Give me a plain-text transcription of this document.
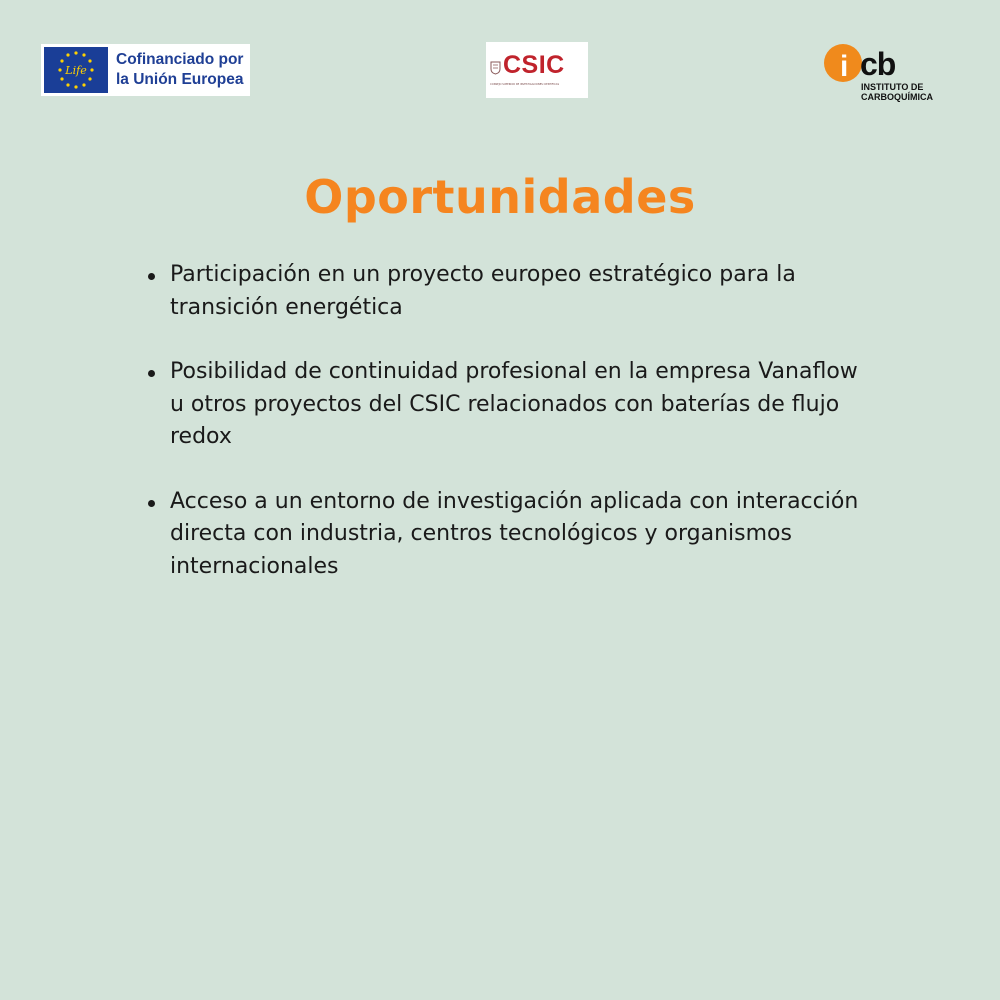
Life
Cofinanciado por
la Unión Europea
CSIC
CONSEJO SUPERIOR DE INVESTIGACIONES CIENTÍFICAS
i cb
INSTITUTO DE
CARBOQUÍMICA
Oportunidades
Participación en un proyecto europeo estratégico para la transición energética
Posibilidad de continuidad profesional en la empresa Vanaflow u otros proyectos del CSIC relacionados con baterías de flujo redox
Acceso a un entorno de investigación aplicada con interacción directa con industria, centros tecnológicos y organismos internacionales
